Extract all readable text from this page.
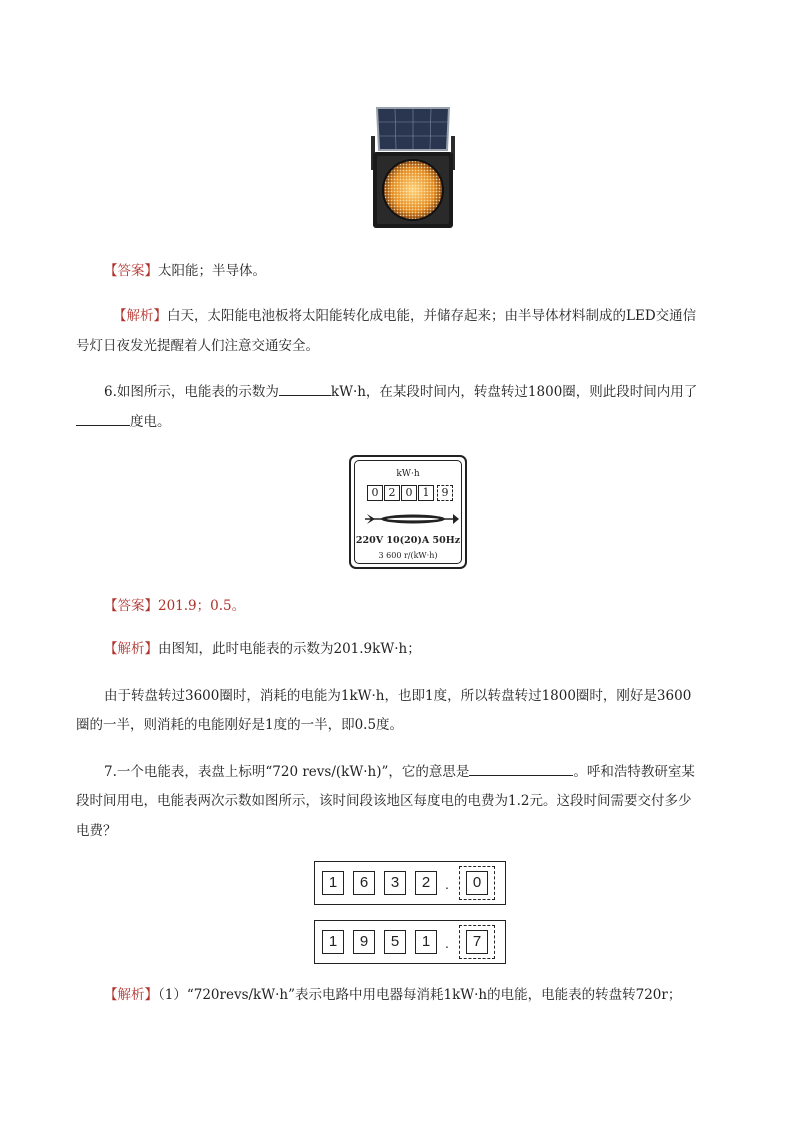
【答案】太阳能；半导体。
【解析】白天，太阳能电池板将太阳能转化成电能，并储存起来；由半导体材料制成的LED交通信
号灯日夜发光提醒着人们注意交通安全。
6.如图所示，电能表的示数为	kW·h，在某段时间内，转盘转过1800圈，则此段时间内用了
度电。
kW·h
0 2 0 1	9
220V 10(20)A 50Hz
3 600 r/(kW·h)
【答案】201.9；0.5。
【解析】由图知，此时电能表的示数为201.9kW·h；
由于转盘转过3600圈时，消耗的电能为1kW·h，也即1度，所以转盘转过1800圈时，刚好是3600
圈的一半，则消耗的电能刚好是1度的一半，即0.5度。
7.一个电能表，表盘上标明“720 revs/(kW·h)”，它的意思是	。呼和浩特教研室某
段时间用电，电能表两次示数如图所示，该时间段该地区每度电的电费为1.2元。这段时间需要交付多少
电费？
1	6	3	2	.	0
1	9	5	1	.	7
【解析】（1）“720revs/kW·h”表示电路中用电器每消耗1kW·h的电能，电能表的转盘转720r；
